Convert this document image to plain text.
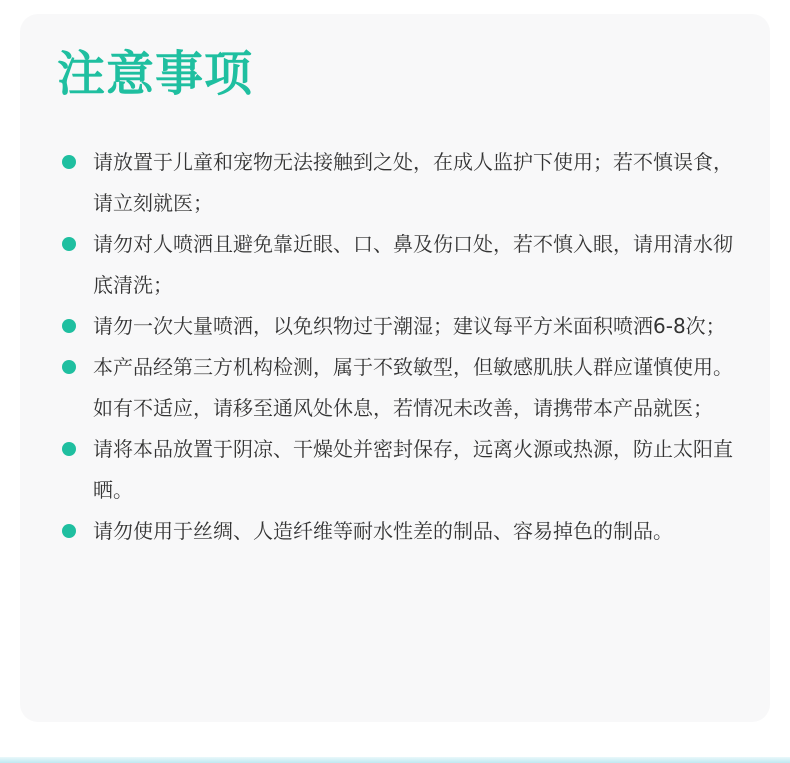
注意事项
请放置于儿童和宠物无法接触到之处，在成人监护下使用；若不慎误食，请立刻就医；
请勿对人喷洒且避免靠近眼、口、鼻及伤口处，若不慎入眼，请用清水彻底清洗；
请勿一次大量喷洒，以免织物过于潮湿；建议每平方米面积喷洒6-8次；
本产品经第三方机构检测，属于不致敏型，但敏感肌肤人群应谨慎使用。如有不适应，请移至通风处休息，若情况未改善，请携带本产品就医；
请将本品放置于阴凉、干燥处并密封保存，远离火源或热源，防止太阳直晒。
请勿使用于丝绸、人造纤维等耐水性差的制品、容易掉色的制品。
